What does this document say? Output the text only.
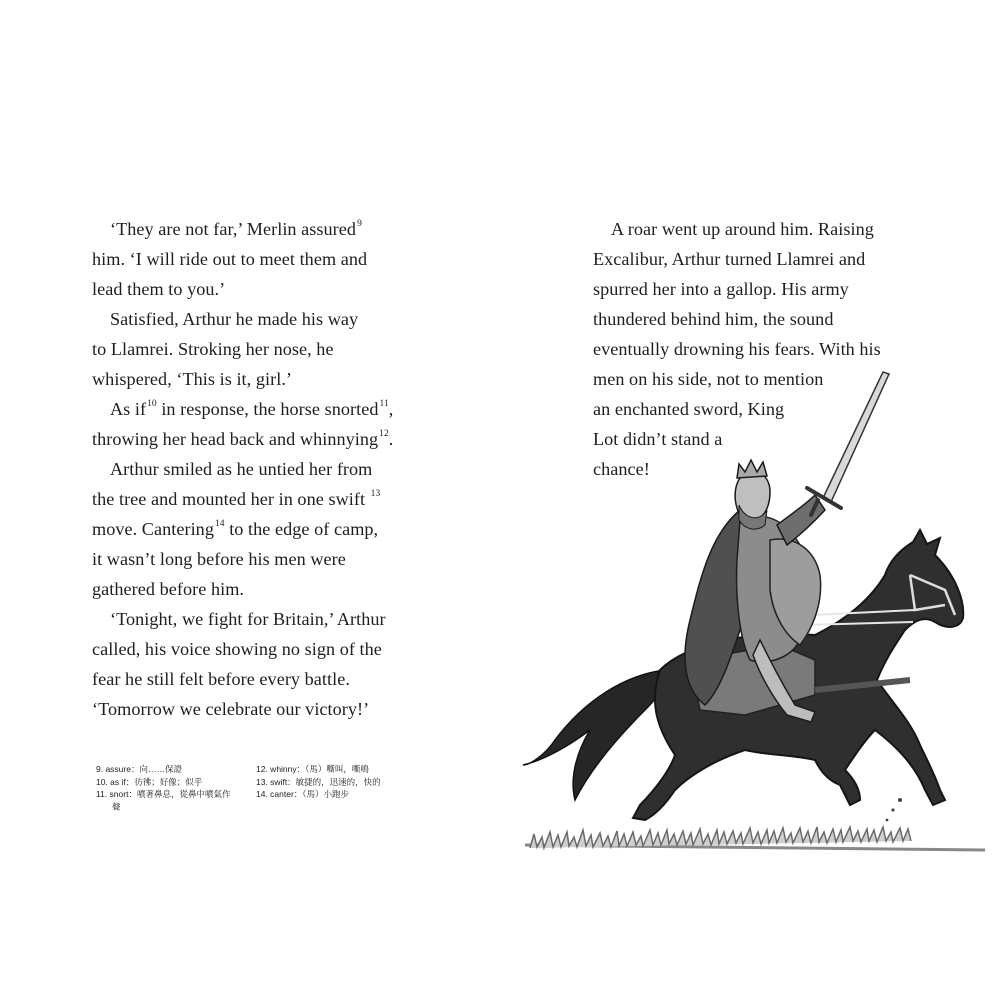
‘They are not far,’ Merlin assured$^9$
him. ‘I will ride out to meet them and
lead them to you.’
Satisfied, Arthur he made his way
to Llamrei. Stroking her nose, he
whispered, ‘This is it, girl.’
As $if^{10}$ in response, the horse snorted$^{11}$,
throwing her head back and whinnying$^{12}$.
Arthur smiled as he untied her from
the tree and mounted her in one swift $^{13}$
move. Cantering$^{14}$ to the edge of camp,
it wasn’t long before his men were
gathered before him.
‘Tonight, we fight for Britain,’ Arthur
called, his voice showing no sign of the
fear he still felt before every battle.
‘Tomorrow we celebrate our victory!’
A roar went up around him. Raising
Excalibur, Arthur turned Llamrei and
spurred her into a gallop. His army
thundered behind him, the sound
eventually drowning his fears. With his
men on his side, not to mention
an enchanted sword, King
Lot didn’t stand a
chance!
9. assure：向……保證
10. as if：彷彿；好像；似乎
11. snort：噴著鼻息，從鼻中噴氣作
聲
12. whinny：（馬）嘶叫，嘶鳴
13. swift：敏捷的，迅速的，快的
14. canter：（馬）小跑步
